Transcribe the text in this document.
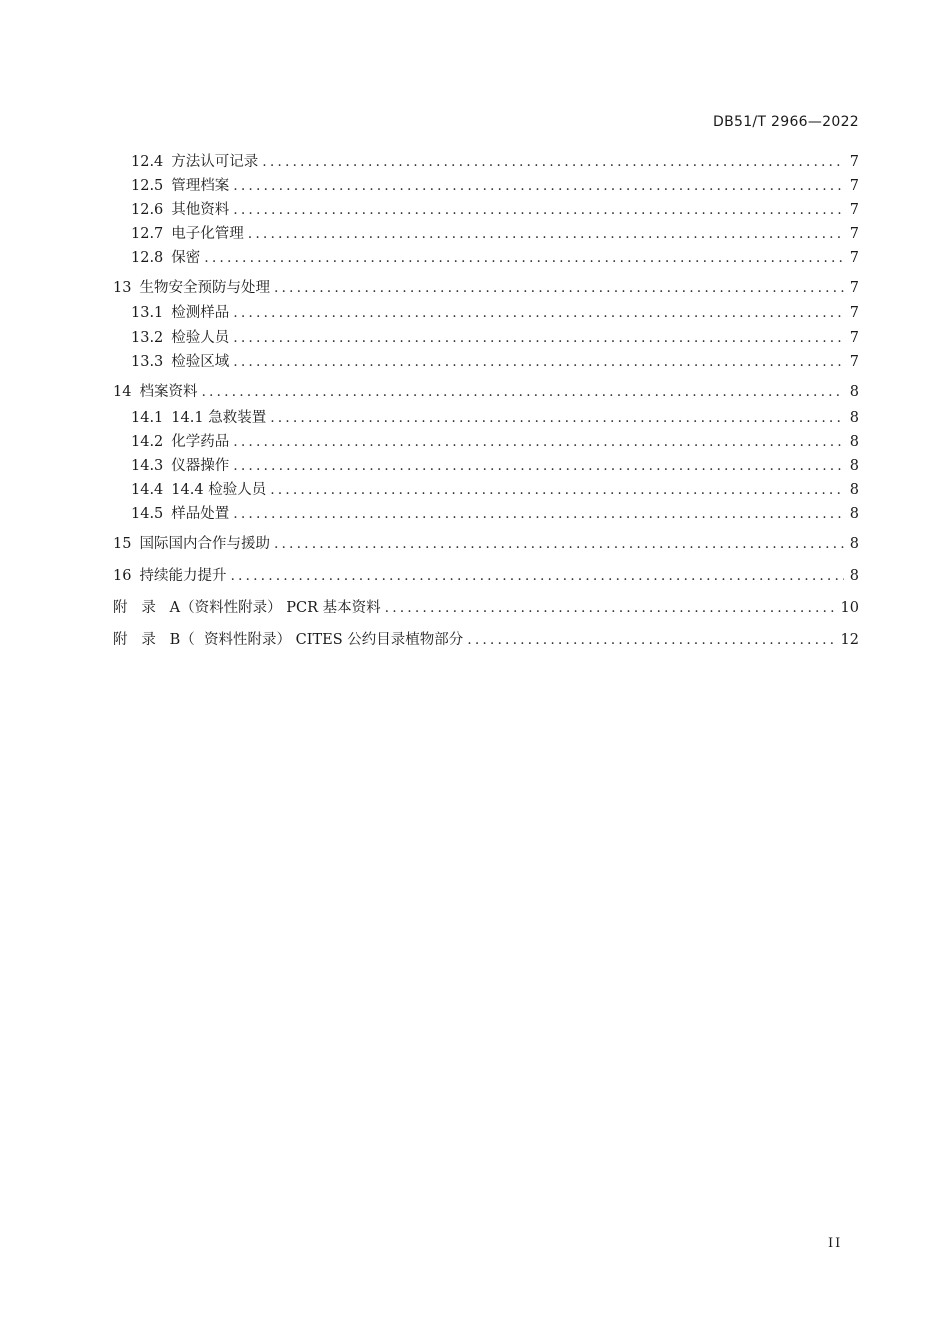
DB51/T 2966—2022
12.4 方法认可记录 .....	7
12.5 管理档案 .....	7
12.6 其他资料 .....	7
12.7 电子化管理 .....	7
12.8 保密 .....	7
13 生物安全预防与处理 .....	7
13.1 检测样品 .....	7
13.2 检验人员 .....	7
13.3 检验区域 .....	7
14 档案资料 .....	8
14.1 14.1 急救装置 .....	8
14.2 化学药品 .....	8
14.3 仪器操作 .....	8
14.4 14.4 检验人员 .....	8
14.5 样品处置 .....	8
15 国际国内合作与援助 .....	8
16 持续能力提升 .....	8
附   录   A（ 资料性附录） PCR 基本资料 .....	10
附   录   B（ 资料性附录） CITES 公约目录植物部分 .....	12
II
